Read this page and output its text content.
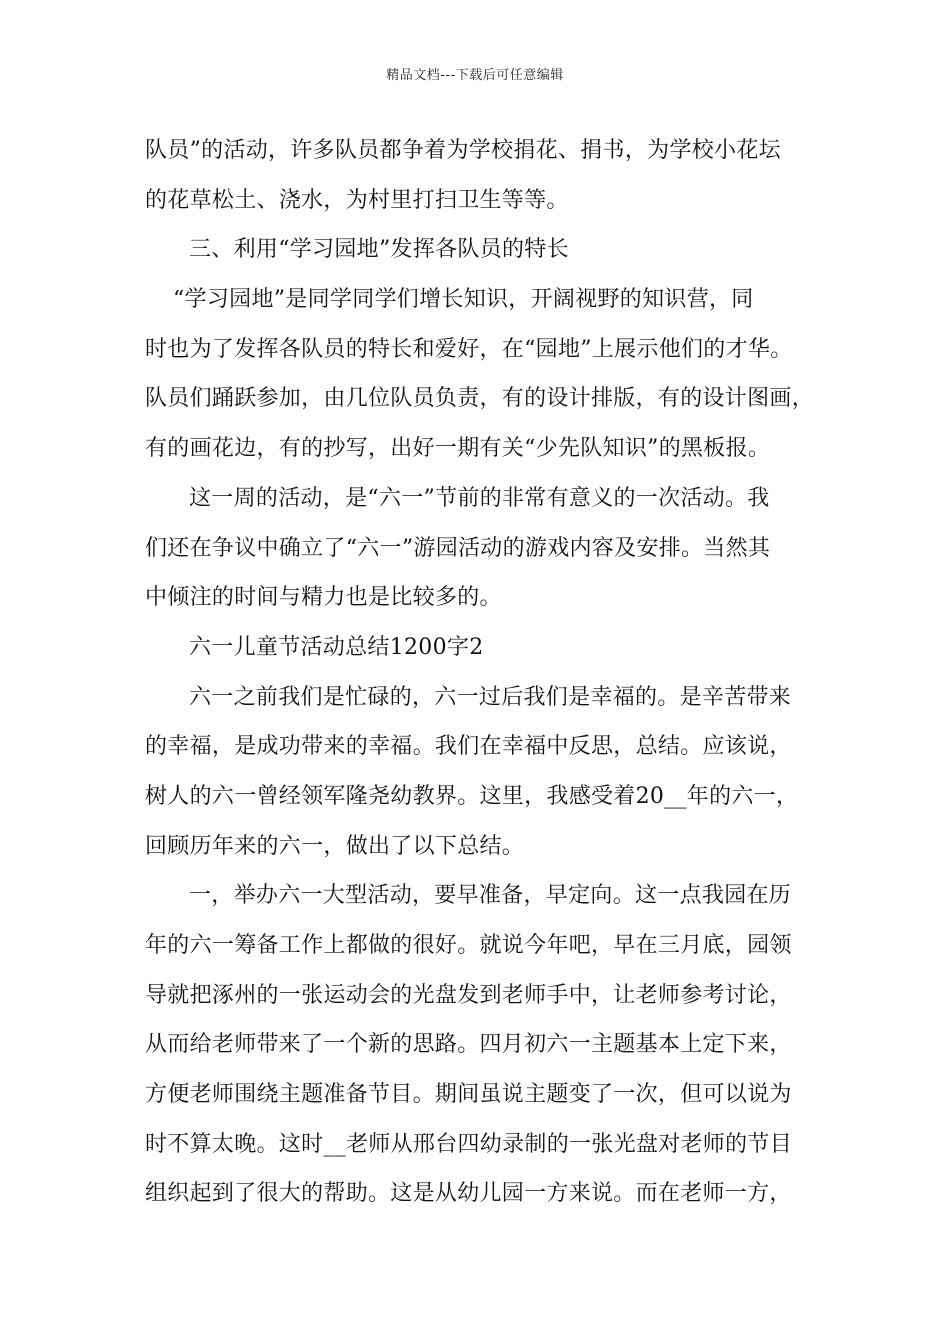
精品文档---下载后可任意编辑
队员”的活动，许多队员都争着为学校捐花、捐书，为学校小花坛
的花草松土、浇水，为村里打扫卫生等等。
三、利用“学习园地”发挥各队员的特长
“学习园地”是同学同学们增长知识，开阔视野的知识营，同
时也为了发挥各队员的特长和爱好，在“园地”上展示他们的才华。
队员们踊跃参加，由几位队员负责，有的设计排版，有的设计图画，
有的画花边，有的抄写，出好一期有关“少先队知识”的黑板报。
这一周的活动，是“六一”节前的非常有意义的一次活动。我
们还在争议中确立了“六一”游园活动的游戏内容及安排。当然其
中倾注的时间与精力也是比较多的。
六一儿童节活动总结1200字2
六一之前我们是忙碌的，六一过后我们是幸福的。是辛苦带来
的幸福，是成功带来的幸福。我们在幸福中反思，总结。应该说，
树人的六一曾经领军隆尧幼教界。这里，我感受着20__年的六一，
回顾历年来的六一，做出了以下总结。
一，举办六一大型活动，要早准备，早定向。这一点我园在历
年的六一筹备工作上都做的很好。就说今年吧，早在三月底，园领
导就把涿州的一张运动会的光盘发到老师手中，让老师参考讨论，
从而给老师带来了一个新的思路。四月初六一主题基本上定下来，
方便老师围绕主题准备节目。期间虽说主题变了一次，但可以说为
时不算太晚。这时__老师从邢台四幼录制的一张光盘对老师的节目
组织起到了很大的帮助。这是从幼儿园一方来说。而在老师一方，
